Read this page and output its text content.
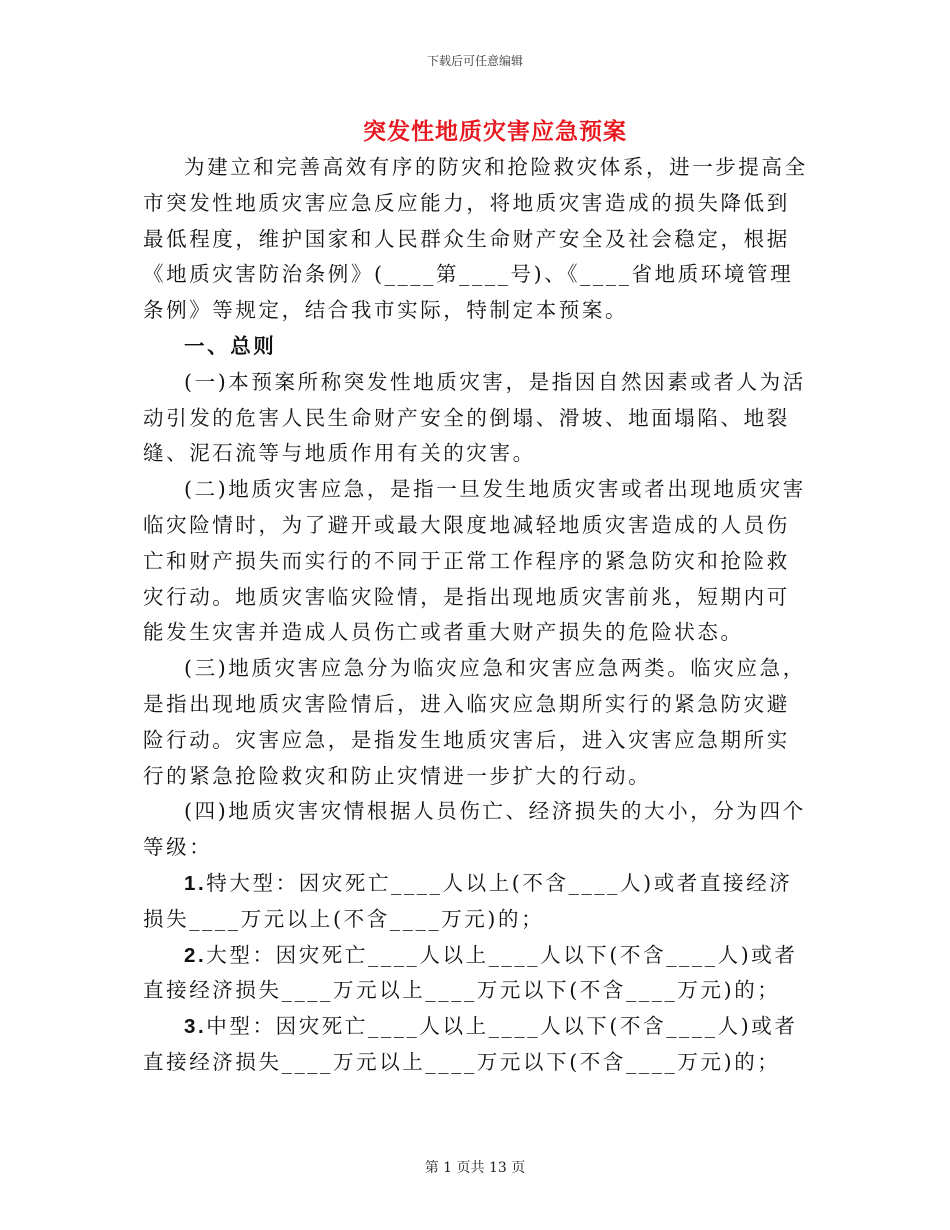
下载后可任意编辑
突发性地质灾害应急预案

为建立和完善高效有序的防灾和抢险救灾体系，进一步提高全市突发性地质灾害应急反应能力，将地质灾害造成的损失降低到最低程度，维护国家和人民群众生命财产安全及社会稳定，根据《地质灾害防治条例》(____第____号)、《____省地质环境管理条例》等规定，结合我市实际，特制定本预案。

一、总则

(一)本预案所称突发性地质灾害，是指因自然因素或者人为活动引发的危害人民生命财产安全的倒塌、滑坡、地面塌陷、地裂缝、泥石流等与地质作用有关的灾害。

(二)地质灾害应急，是指一旦发生地质灾害或者出现地质灾害临灾险情时，为了避开或最大限度地减轻地质灾害造成的人员伤亡和财产损失而实行的不同于正常工作程序的紧急防灾和抢险救灾行动。地质灾害临灾险情，是指出现地质灾害前兆，短期内可能发生灾害并造成人员伤亡或者重大财产损失的危险状态。

(三)地质灾害应急分为临灾应急和灾害应急两类。临灾应急，是指出现地质灾害险情后，进入临灾应急期所实行的紧急防灾避险行动。灾害应急，是指发生地质灾害后，进入灾害应急期所实行的紧急抢险救灾和防止灾情进一步扩大的行动。

(四)地质灾害灾情根据人员伤亡、经济损失的大小，分为四个等级：

1.特大型：因灾死亡____人以上(不含____人)或者直接经济损失____万元以上(不含____万元)的；

2.大型：因灾死亡____人以上____人以下(不含____人)或者直接经济损失____万元以上____万元以下(不含____万元)的；

3.中型：因灾死亡____人以上____人以下(不含____人)或者直接经济损失____万元以上____万元以下(不含____万元)的；

第 1 页共 13 页
